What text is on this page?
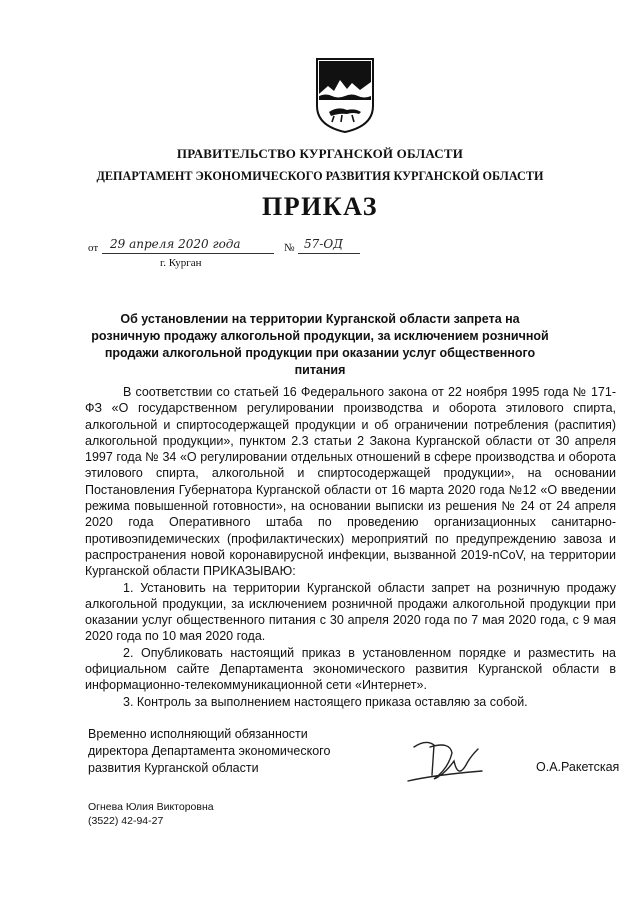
ПРАВИТЕЛЬСТВО КУРГАНСКОЙ ОБЛАСТИ
ДЕПАРТАМЕНТ ЭКОНОМИЧЕСКОГО РАЗВИТИЯ КУРГАНСКОЙ ОБЛАСТИ
ПРИКАЗ
от 29 апреля 2020 года	№ 57-ОД
г. Курган
Об установлении на территории Курганской области запрета на розничную продажу алкогольной продукции, за исключением розничной продажи алкогольной продукции при оказании услуг общественного питания

В соответствии со статьей 16 Федерального закона от 22 ноября 1995 года № 171-ФЗ «О государственном регулировании производства и оборота этилового спирта, алкогольной и спиртосодержащей продукции и об ограничении потребления (распития) алкогольной продукции», пунктом 2.3 статьи 2 Закона Курганской области от 30 апреля 1997 года № 34 «О регулировании отдельных отношений в сфере производства и оборота этилового спирта, алкогольной и спиртосодержащей продукции», на основании Постановления Губернатора Курганской области от 16 марта 2020 года №12 «О введении режима повышенной готовности», на основании выписки из решения № 24 от 24 апреля 2020 года Оперативного штаба по проведению организационных санитарно-противоэпидемических (профилактических) мероприятий по предупреждению завоза и распространения новой коронавирусной инфекции, вызванной 2019-nCoV, на территории Курганской области ПРИКАЗЫВАЮ:

1. Установить на территории Курганской области запрет на розничную продажу алкогольной продукции, за исключением розничной продажи алкогольной продукции при оказании услуг общественного питания с 30 апреля 2020 года по 7 мая 2020 года, с 9 мая 2020 года по 10 мая 2020 года.

2. Опубликовать настоящий приказ в установленном порядке и разместить на официальном сайте Департамента экономического развития Курганской области в информационно-телекоммуникационной сети «Интернет».

3. Контроль за выполнением настоящего приказа оставляю за собой.

Временно исполняющий обязанности
директора Департамента экономического
развития Курганской области	О.А.Ракетская
Огнева Юлия Викторовна
(3522) 42-94-27
